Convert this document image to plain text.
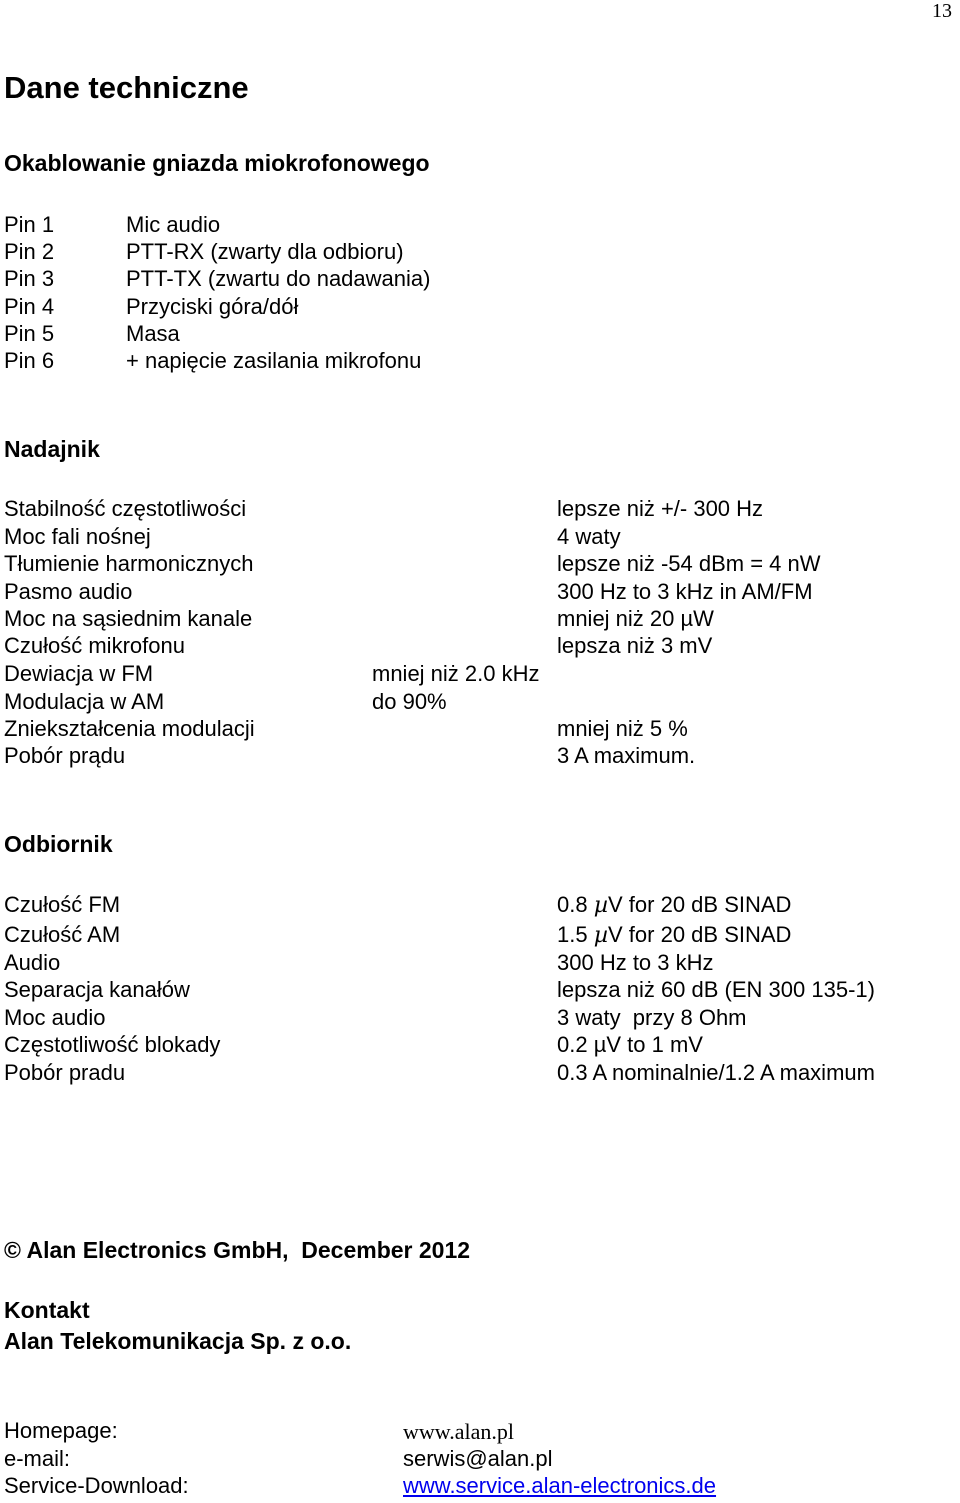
13
Dane techniczne
Okablowanie gniazda miokrofonowego
Pin 1	Mic audio
Pin 2	PTT-RX (zwarty dla odbioru)
Pin 3	PTT-TX (zwartu do nadawania)
Pin 4	Przyciski góra/dół
Pin 5	Masa
Pin 6	+ napięcie zasilania mikrofonu
Nadajnik
Stabilność częstotliwości	lepsze niż +/- 300 Hz
Moc fali nośnej	4 waty
Tłumienie harmonicznych	lepsze niż -54 dBm = 4 nW
Pasmo audio	300 Hz to 3 kHz in AM/FM
Moc na sąsiednim kanale	mniej niż 20 µW
Czułość mikrofonu	lepsza niż 3 mV
Dewiacja w FM	mniej niż 2.0 kHz
Modulacja w AM	do 90%
Zniekształcenia modulacji	mniej niż 5 %
Pobór prądu	3 A maximum.
Odbiornik
Czułość FM	0.8 µV for 20 dB SINAD
Czułość AM	1.5 µV for 20 dB SINAD
Audio	300 Hz to 3 kHz
Separacja kanałów	lepsza niż 60 dB (EN 300 135-1)
Moc audio	3 waty  przy 8 Ohm
Częstotliwość blokady	0.2 µV to 1 mV
Pobór pradu	0.3 A nominalnie/1.2 A maximum
© Alan Electronics GmbH,  December 2012
Kontakt
Alan Telekomunikacja Sp. z o.o.
Homepage:	www.alan.pl
e-mail:	serwis@alan.pl
Service-Download:	www.service.alan-electronics.de
